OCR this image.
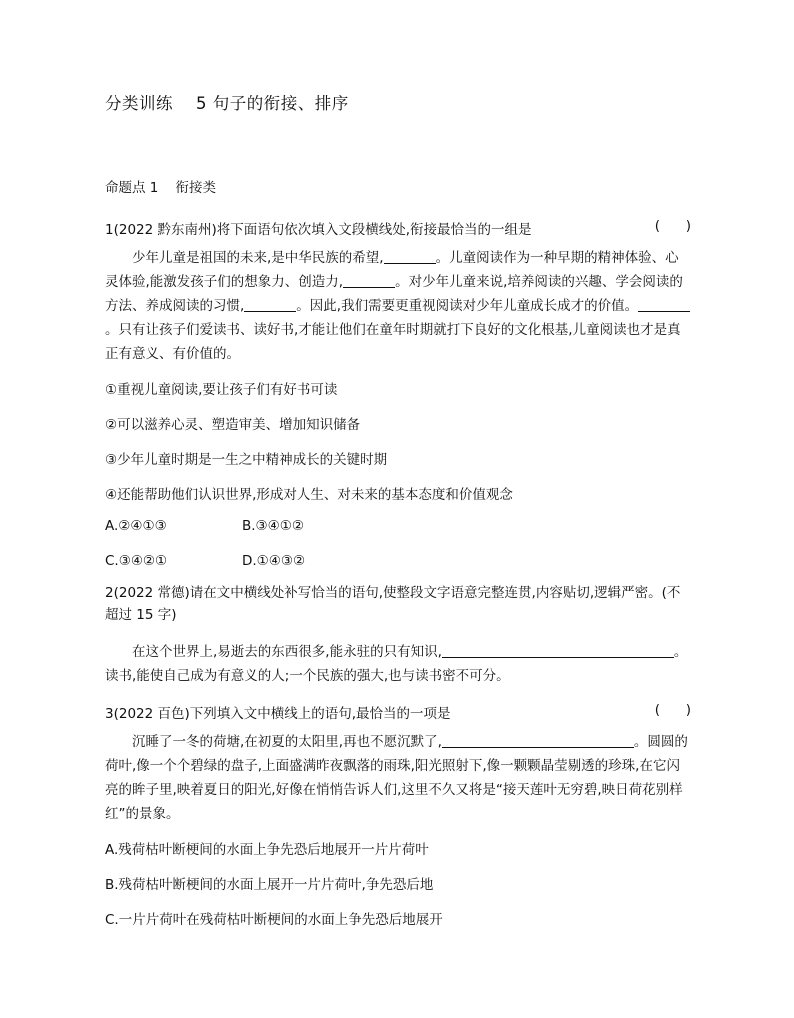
分类训练    5 句子的衔接、排序
命题点 1    衔接类
1(2022 黔东南州)将下面语句依次填入文段横线处,衔接最恰当的一组是	(      )
少年儿童是祖国的未来,是中华民族的希望,	。儿童阅读作为一种早期的精神体验、心灵体验,能激发孩子们的想象力、创造力,	。对少年儿童来说,培养阅读的兴趣、学会阅读的方法、养成阅读的习惯,	。因此,我们需要更重视阅读对少年儿童成长成才的价值。。只有让孩子们爱读书、读好书,才能让他们在童年时期就打下良好的文化根基,儿童阅读也才是真正有意义、有价值的。
①重视儿童阅读,要让孩子们有好书可读
②可以滋养心灵、塑造审美、增加知识储备
③少年儿童时期是一生之中精神成长的关键时期
④还能帮助他们认识世界,形成对人生、对未来的基本态度和价值观念
A.②④①③	B.③④①②
C.③④②①	D.①④③②
2(2022 常德)请在文中横线处补写恰当的语句,使整段文字语意完整连贯,内容贴切,逻辑严密。(不超过 15 字)
在这个世界上,易逝去的东西很多,能永驻的只有知识,	。读书,能使自己成为有意义的人;一个民族的强大,也与读书密不可分。
3(2022 百色)下列填入文中横线上的语句,最恰当的一项是	(      )
沉睡了一冬的荷塘,在初夏的太阳里,再也不愿沉默了,	。圆圆的荷叶,像一个个碧绿的盘子,上面盛满昨夜飘落的雨珠,阳光照射下,像一颗颗晶莹剔透的珍珠,在它闪亮的眸子里,映着夏日的阳光,好像在悄悄告诉人们,这里不久又将是“接天莲叶无穷碧,映日荷花别样红”的景象。
A.残荷枯叶断梗间的水面上争先恐后地展开一片片荷叶
B.残荷枯叶断梗间的水面上展开一片片荷叶,争先恐后地
C.一片片荷叶在残荷枯叶断梗间的水面上争先恐后地展开
